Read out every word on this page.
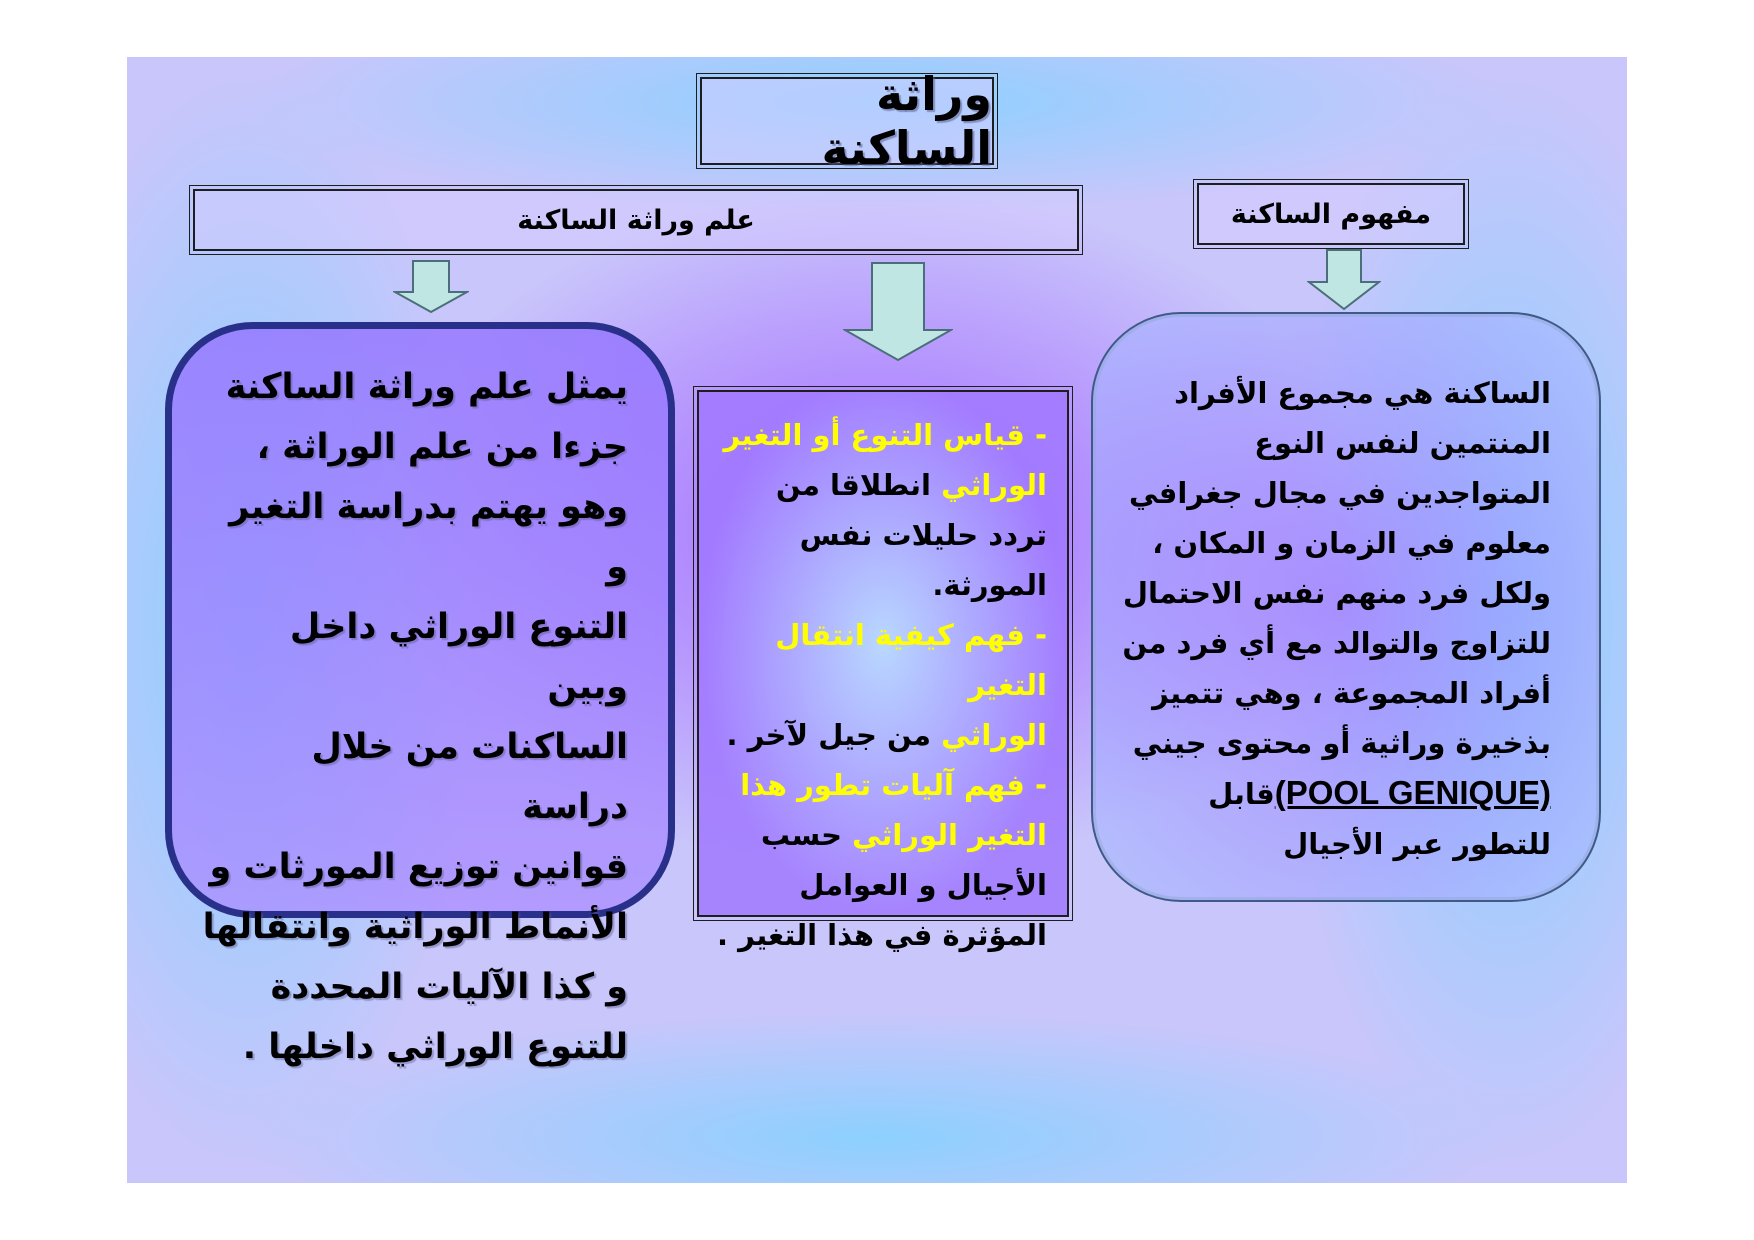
وراثة الساكنة
مفهوم الساكنة
علم وراثة الساكنة
الساكنة هي مجموع الأفراد
المنتمين لنفس النوع
المتواجدين في مجال جغرافي
معلوم في الزمان و المكان ،
ولكل فرد منهم نفس الاحتمال
للتزاوج والتوالد مع أي فرد من
أفراد المجموعة ، وهي تتميز
بذخيرة وراثية أو محتوى جيني
(POOL GENIQUE)قابل
للتطور عبر الأجيال
- قياس التنوع أو التغير
الوراثي انطلاقا من
تردد حليلات نفس
المورثة.
- فهم كيفية انتقال التغير
الوراثي من جيل لآخر .
- فهم آليات تطور هذا
التغير الوراثي حسب
الأجيال و العوامل
المؤثرة في هذا التغير .
يمثل علم وراثة الساكنة
جزءا من علم الوراثة ،
وهو يهتم بدراسة التغير و
التنوع الوراثي داخل وبين
الساكنات من خلال دراسة
قوانين توزيع المورثات و
الأنماط الوراثية وانتقالها
و كذا الآليات المحددة
للتنوع الوراثي داخلها .
